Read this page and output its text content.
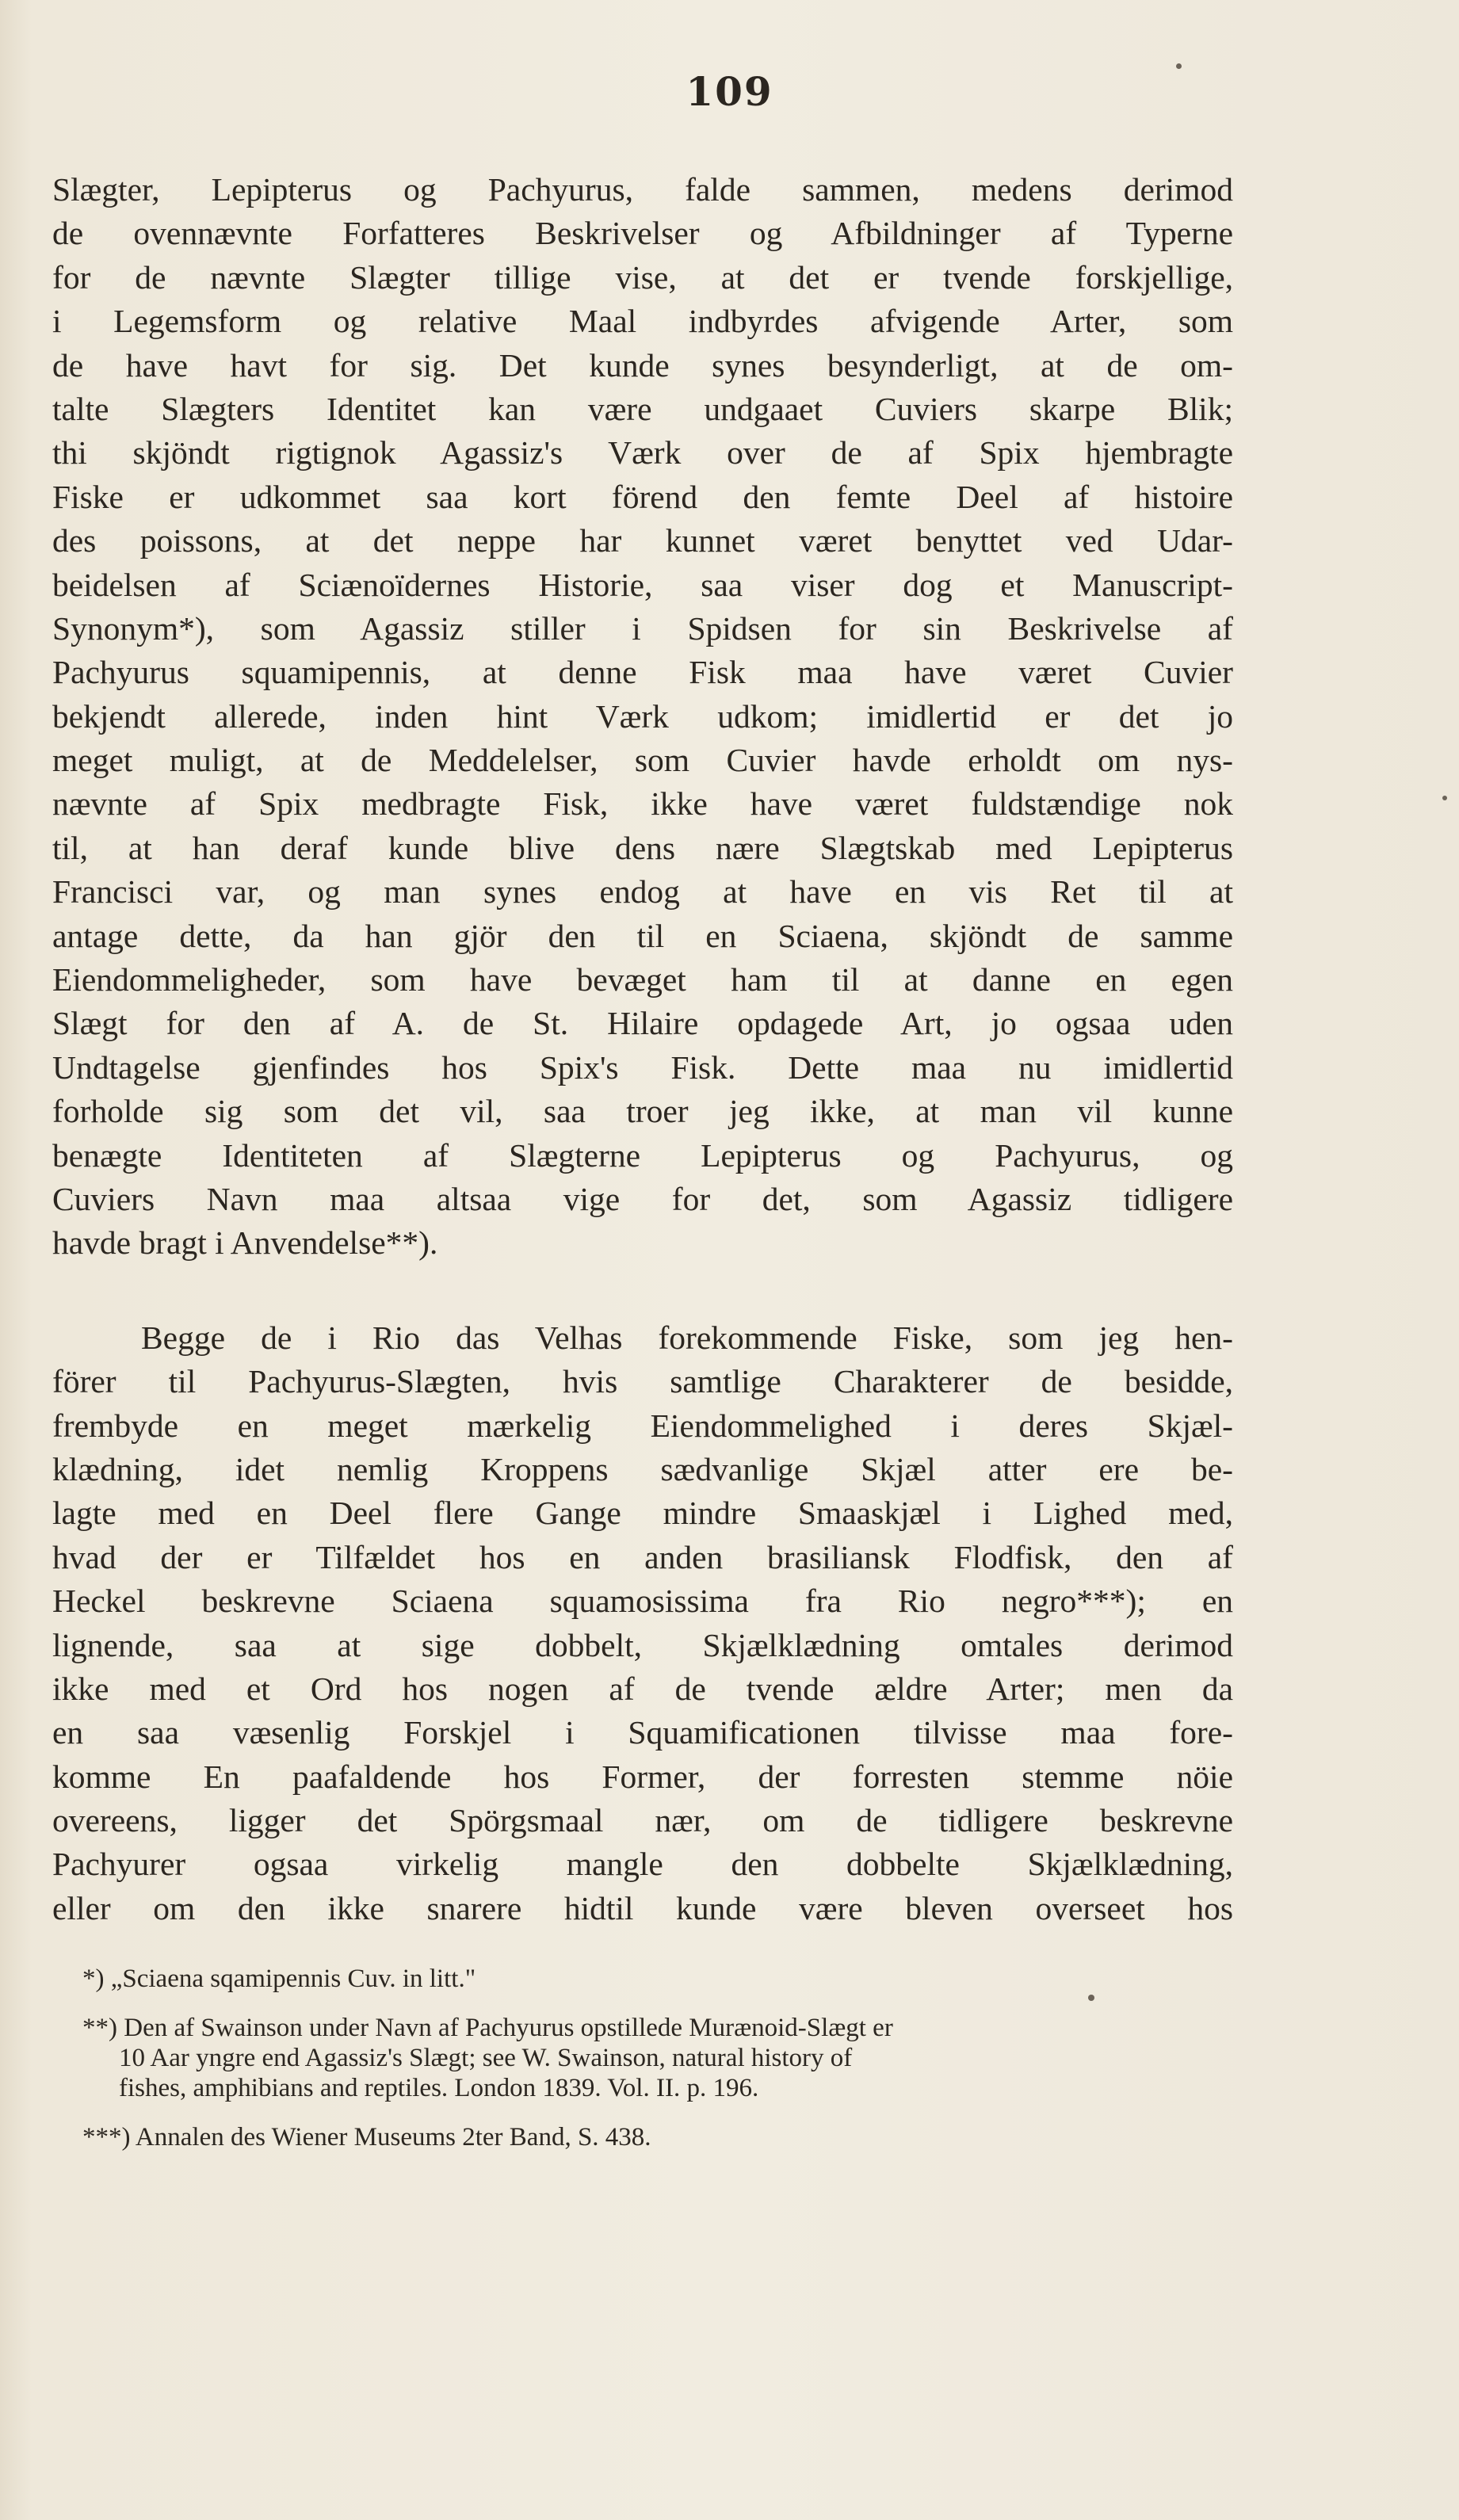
109
Slægter, Lepipterus og Pachyurus, falde sammen, medens derimod
de ovennævnte Forfatteres Beskrivelser og Afbildninger af Typerne
for de nævnte Slægter tillige vise, at det er tvende forskjellige,
i Legemsform og relative Maal indbyrdes afvigende Arter, som
de have havt for sig. Det kunde synes besynderligt, at de om-
talte Slægters Identitet kan være undgaaet Cuviers skarpe Blik;
thi skjöndt rigtignok Agassiz's Værk over de af Spix hjembragte
Fiske er udkommet saa kort förend den femte Deel af histoire
des poissons, at det neppe har kunnet været benyttet ved Udar-
beidelsen af Sciænoïdernes Historie, saa viser dog et Manuscript-
Synonym*), som Agassiz stiller i Spidsen for sin Beskrivelse af
Pachyurus squamipennis, at denne Fisk maa have været Cuvier
bekjendt allerede, inden hint Værk udkom; imidlertid er det jo
meget muligt, at de Meddelelser, som Cuvier havde erholdt om nys-
nævnte af Spix medbragte Fisk, ikke have været fuldstændige nok
til, at han deraf kunde blive dens nære Slægtskab med Lepipterus
Francisci var, og man synes endog at have en vis Ret til at
antage dette, da han gjör den til en Sciaena, skjöndt de samme
Eiendommeligheder, som have bevæget ham til at danne en egen
Slægt for den af A. de St. Hilaire opdagede Art, jo ogsaa uden
Undtagelse gjenfindes hos Spix's Fisk. Dette maa nu imidlertid
forholde sig som det vil, saa troer jeg ikke, at man vil kunne
benægte Identiteten af Slægterne Lepipterus og Pachyurus, og
Cuviers Navn maa altsaa vige for det, som Agassiz tidligere
havde bragt i Anvendelse**).
Begge de i Rio das Velhas forekommende Fiske, som jeg hen-
förer til Pachyurus-Slægten, hvis samtlige Charakterer de besidde,
frembyde en meget mærkelig Eiendommelighed i deres Skjæl-
klædning, idet nemlig Kroppens sædvanlige Skjæl atter ere be-
lagte med en Deel flere Gange mindre Smaaskjæl i Lighed med,
hvad der er Tilfældet hos en anden brasiliansk Flodfisk, den af
Heckel beskrevne Sciaena squamosissima fra Rio negro***); en
lignende, saa at sige dobbelt, Skjælklædning omtales derimod
ikke med et Ord hos nogen af de tvende ældre Arter; men da
en saa væsenlig Forskjel i Squamificationen tilvisse maa fore-
komme En paafaldende hos Former, der forresten stemme nöie
overeens, ligger det Spörgsmaal nær, om de tidligere beskrevne
Pachyurer ogsaa virkelig mangle den dobbelte Skjælklædning,
eller om den ikke snarere hidtil kunde være bleven overseet hos
*) „Sciaena sqamipennis Cuv. in litt."
**) Den af Swainson under Navn af Pachyurus opstillede Murænoid-Slægt er
10 Aar yngre end Agassiz's Slægt; see W. Swainson, natural history of
fishes, amphibians and reptiles. London 1839. Vol. II. p. 196.
***) Annalen des Wiener Museums 2ter Band, S. 438.
